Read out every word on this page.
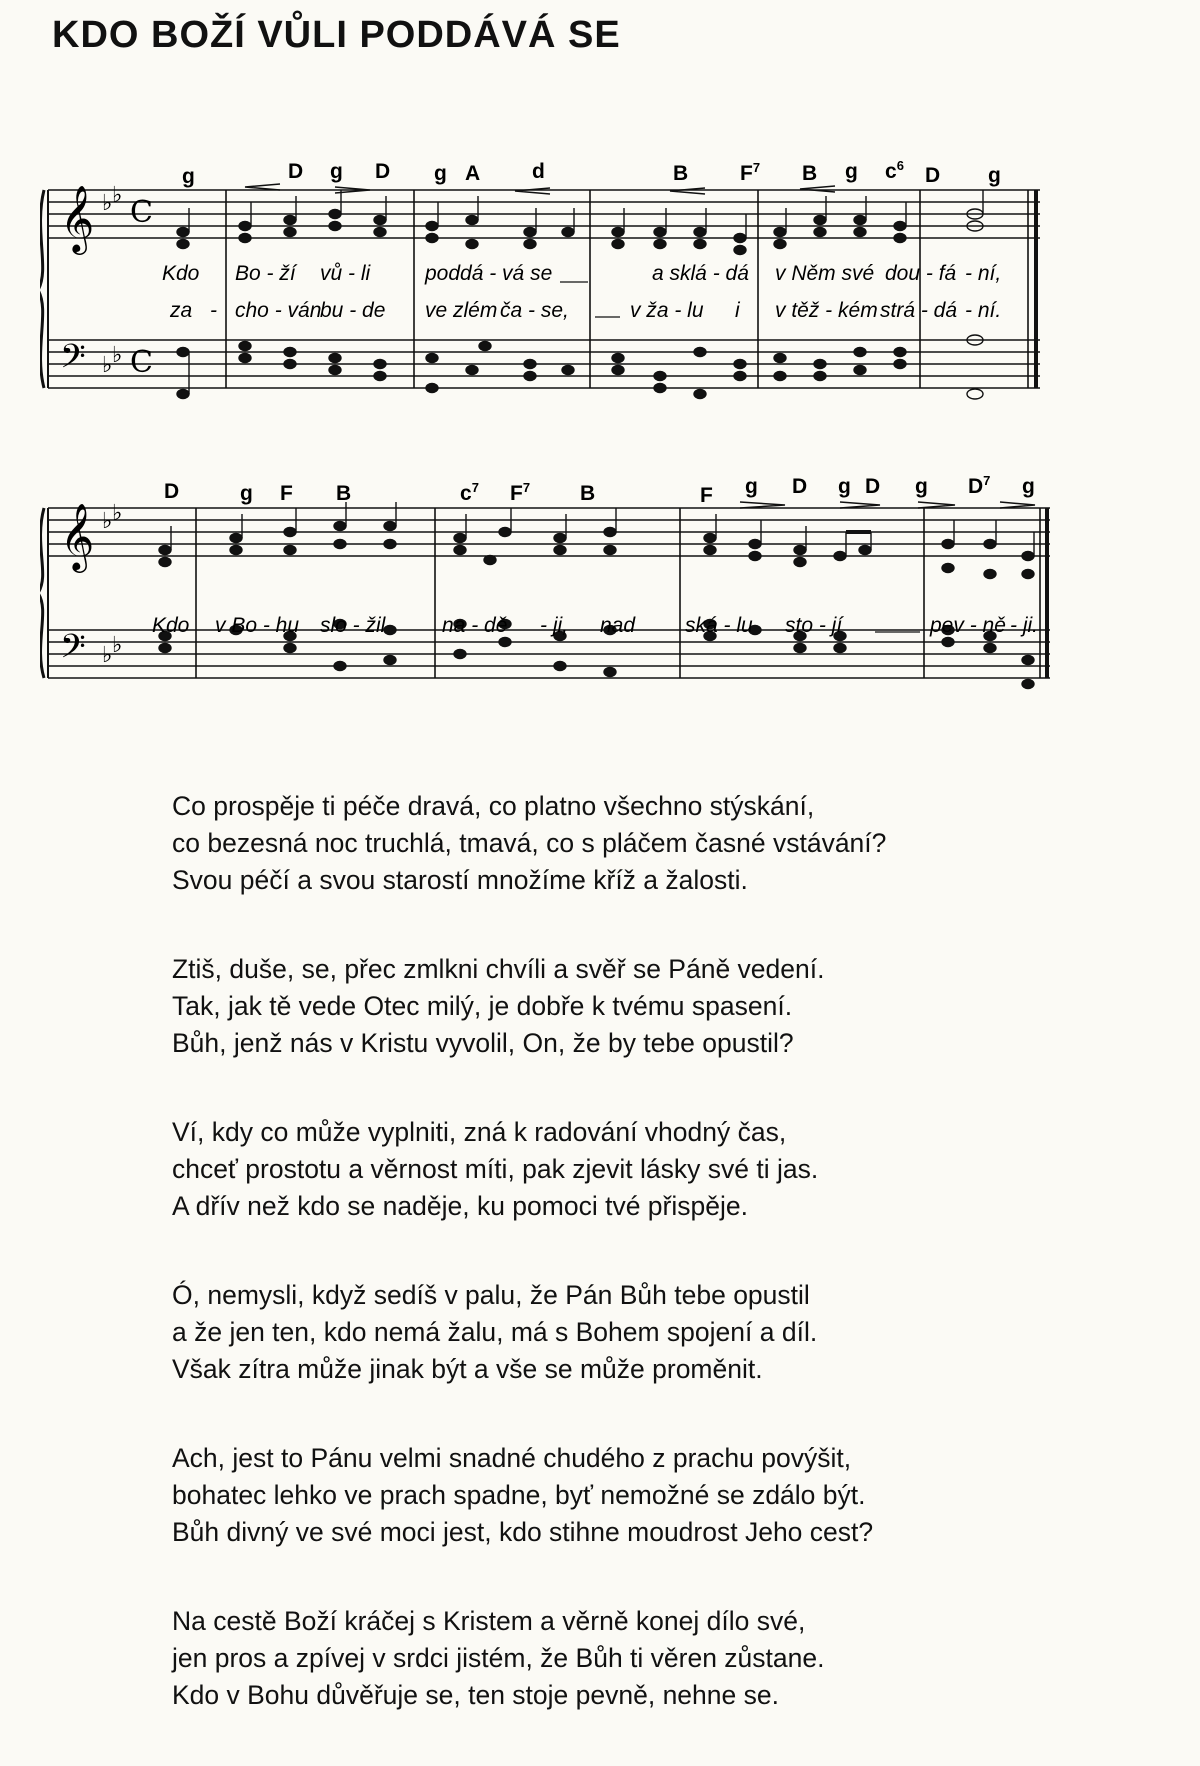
KDO BOŽÍ VŮLI PODDÁVÁ SE
g	D g D g A d	B $F^7$ B g $c^6$ D g
𝄞
𝄢
♭ ♭
♭ ♭
C
C
Kdo Bo - ží vů - li	poddá - vá se	a sklá - dá v Něm své dou - fá - ní,
za - cho - ván
bu - de ve zlém ča - se,	v ža - lu i v těž - kém strá - dá - ní.
D	g F B	$c^7$ $F^7$ B	F g D g D g $D^7$ g
𝄞
𝄢
♭ ♭
♭ ♭
Kdo v Bo - hu slo - žil	na - dě - ji, nad ská - lu sto - jí	pev - ně - ji.
Co prospěje ti péče dravá, co platno všechno stýskání,
co bezesná noc truchlá, tmavá, co s pláčem časné vstávání?
Svou péčí a svou starostí množíme kříž a žalosti.
Ztiš, duše, se, přec zmlkni chvíli a svěř se Páně vedení.
Tak, jak tě vede Otec milý, je dobře k tvému spasení.
Bůh, jenž nás v Kristu vyvolil, On, že by tebe opustil?
Ví, kdy co může vyplniti, zná k radování vhodný čas,
chceť prostotu a věrnost míti, pak zjevit lásky své ti jas.
A dřív než kdo se naděje, ku pomoci tvé přispěje.
Ó, nemysli, když sedíš v palu, že Pán Bůh tebe opustil
a že jen ten, kdo nemá žalu, má s Bohem spojení a díl.
Však zítra může jinak být a vše se může proměnit.
Ach, jest to Pánu velmi snadné chudého z prachu povýšit,
bohatec lehko ve prach spadne, byť nemožné se zdálo být.
Bůh divný ve své moci jest, kdo stihne moudrost Jeho cest?
Na cestě Boží kráčej s Kristem a věrně konej dílo své,
jen pros a zpívej v srdci jistém, že Bůh ti věren zůstane.
Kdo v Bohu důvěřuje se, ten stoje pevně, nehne se.
